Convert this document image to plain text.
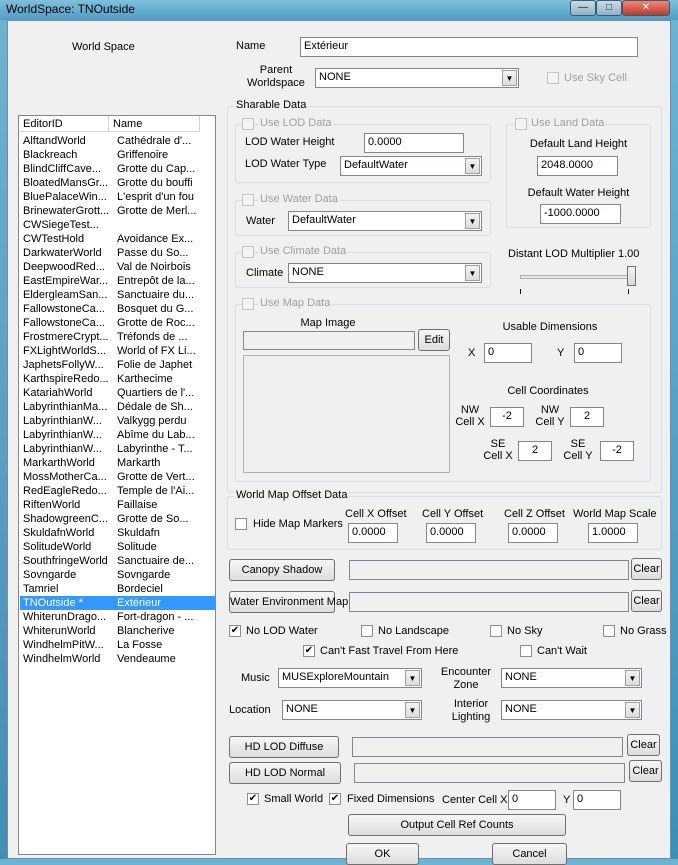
WorldSpace: TNOutside	—	□	✕
World Space
EditorID	Name
AlftandWorld	Cathédrale d'...
Blackreach	Griffenoire
BlindCliffCave...	Grotte du Cap...
BloatedMansGr... Grotte du bouffi
BluePalaceWin... L'esprit d'un fou
BrinewaterGrott... Grotte de Merl...
CWSiegeTest...
CWTestHold	Avoidance Ex...
DarkwaterWorld	Passe du So...
DeepwoodRed...	Val de Noirbois
EastEmpireWar... Entrepôt de la...
EldergleamSan... Sanctuaire du...
FallowstoneCa...	Bosquet du G...
FallowstoneCa...	Grotte de Roc...
FrostmereCrypt... Tréfonds de ...
FXLightWorldS...	World of FX Li...
JaphetsFollyW...	Folie de Japhet
KarthspireRedo... Karthecime
KatariahWorld	Quartiers de l'...
LabyrinthianMa... Dédale de Sh...
LabyrinthianW...	Valkygg perdu
LabyrinthianW...	Abîme du Lab...
LabyrinthianW...	Labyrinthe - T...
MarkarthWorld	Markarth
MossMotherCa... Grotte de Vert...
RedEagleRedo... Temple de l'Ai...
RiftenWorld	Faillaise
ShadowgreenC... Grotte de So...
SkuldafnWorld	Skuldafn
SolitudeWorld	Solitude
SouthfringeWorld Sanctuaire de...
Sovngarde	Sovngarde
Tamriel	Bordeciel
TNOutside *	Extérieur
WhiterunDrago... Fort-dragon - ...
WhiterunWorld	Blancherive
WindhelmPitW...	La Fosse
WindhelmWorld	Vendeaume
Name	Extérieur
Parent
Worldspace	NONE	▼	Use Sky Cell
Sharable Data
Use LOD Data
LOD Water Height	0.0000
LOD Water Type	DefaultWater	▼
Use Land Data
Default Land Height
2048.0000
Default Water Height
-1000.0000
Use Water Data
Water	DefaultWater	▼
Use Climate Data
Climate NONE	▼
Distant LOD Multiplier 1.00
Use Map Data
Map Image
Edit
Usable Dimensions
X	0	Y	0
Cell Coordinates
NW
Cell X	-2	NW
Cell Y	2
SE
Cell X	2	SE
Cell Y	-2
World Map Offset Data
Hide Map Markers
Cell X Offset
0.0000
Cell Y Offset
0.0000
Cell Z Offset
0.0000
World Map Scale
1.0000
Canopy Shadow	Clear
Water Environment Map	Clear
✔ No LOD Water	No Landscape	No Sky	No Grass
✔ Can't Fast Travel From Here	Can't Wait
Music	MUSExploreMountain	▼
Encounter
Zone
NONE	▼
Location	NONE	▼
Interior
Lighting
NONE	▼
HD LOD Diffuse	Clear
HD LOD Normal	Clear
✔ Small World ✔ Fixed Dimensions Center Cell X 0	Y 0
Output Cell Ref Counts
OK	Cancel
